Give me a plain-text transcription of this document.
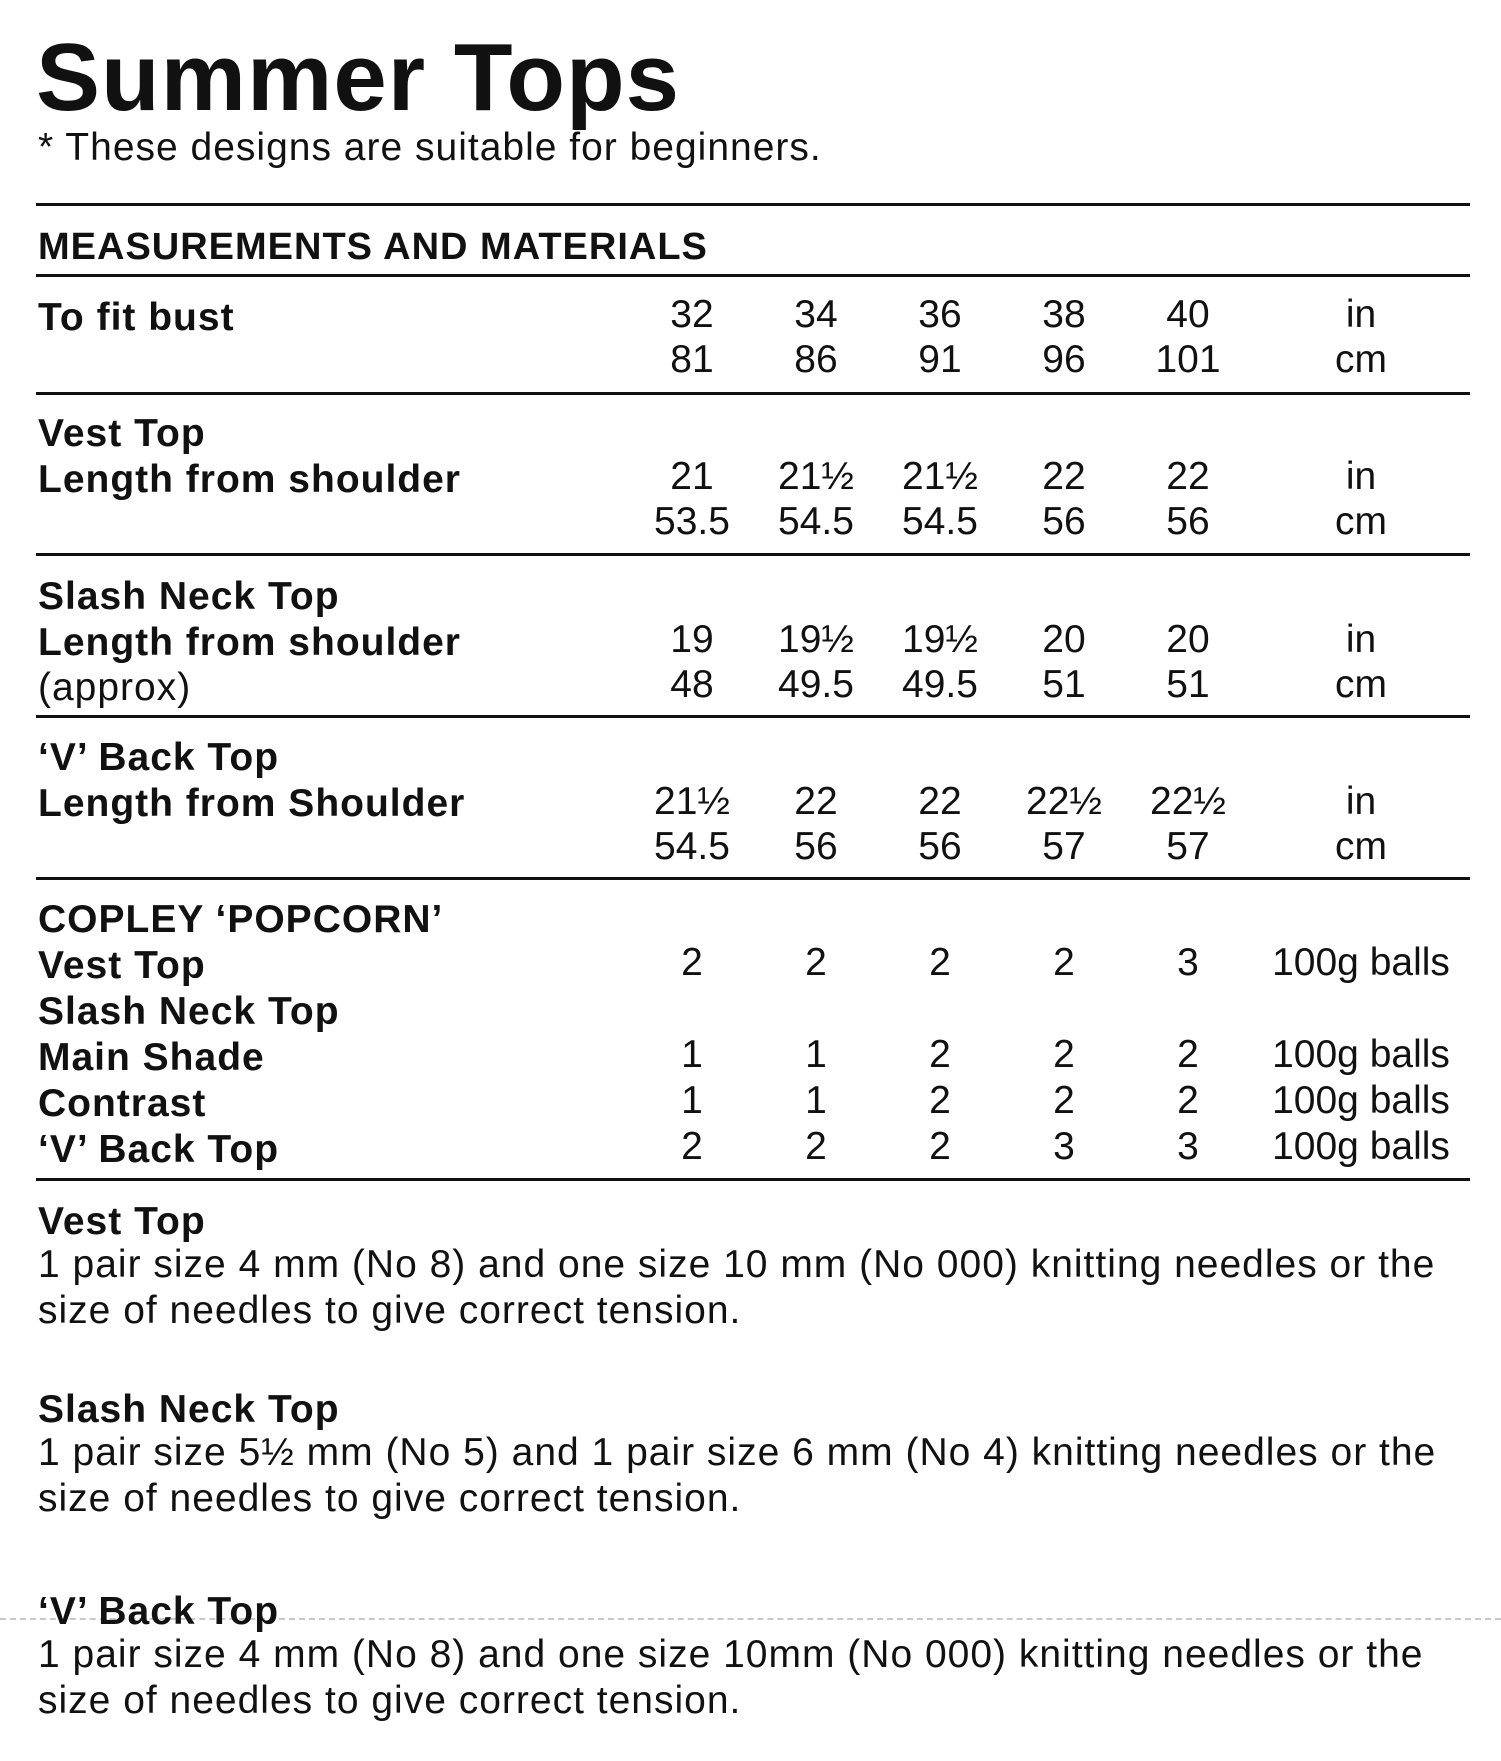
Summer Tops
* These designs are suitable for beginners.
MEASUREMENTS AND MATERIALS
To fit bust	32	34	36	38	40	in
81	86	91	96	101	cm
Vest Top
Length from shoulder	21	21½	21½	22	22	in
53.5	54.5	54.5	56	56	cm
Slash Neck Top
Length from shoulder
(approx)
19	19½	19½	20	20	in
48	49.5	49.5	51	51	cm
‘V’ Back Top
Length from Shoulder	21½	22	22	22½	22½	in
54.5	56	56	57	57	cm
COPLEY ‘POPCORN’
Vest Top	2	2	2	2	3	100g balls
Slash Neck Top
Main Shade	1	1	2	2	2	100g balls
Contrast	1	1	2	2	2	100g balls
‘V’ Back Top	2	2	2	3	3	100g balls
Vest Top
1 pair size 4 mm (No 8) and one size 10 mm (No 000) knitting needles or the size of needles to give correct tension.
Slash Neck Top
1 pair size 5½ mm (No 5) and 1 pair size 6 mm (No 4) knitting needles or the size of needles to give correct tension.
‘V’ Back Top
1 pair size 4 mm (No 8) and one size 10mm (No 000) knitting needles or the size of needles to give correct tension.
